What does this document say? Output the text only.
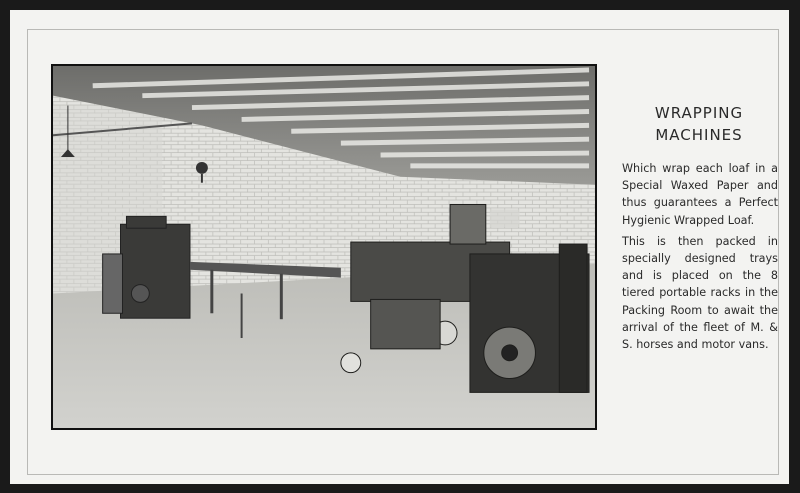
WRAPPING
MACHINES

Which wrap each loaf in a Special Waxed Paper and thus guarantees a Perfect Hygienic Wrapped Loaf.

This is then packed in specially designed trays and is placed on the 8 tiered portable racks in the Packing Room to await the arrival of the fleet of M. & S. horses and motor vans.
